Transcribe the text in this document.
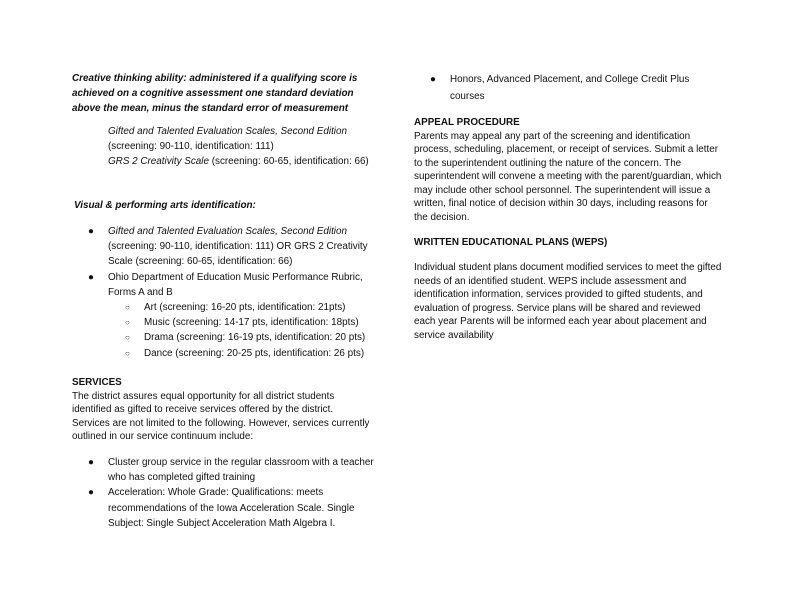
Creative thinking ability: administered if a qualifying score is achieved on a cognitive assessment one standard deviation above the mean, minus the standard error of measurement
Gifted and Talented Evaluation Scales, Second Edition
(screening: 90-110, identification: 111)
GRS 2 Creativity Scale (screening: 60-65, identification: 66)
Visual & performing arts identification:
● Gifted and Talented Evaluation Scales, Second Edition (screening: 90-110, identification: 111) OR GRS 2 Creativity Scale (screening: 60-65, identification: 66)
● Ohio Department of Education Music Performance Rubric, Forms A and B
○ Art (screening: 16-20 pts, identification: 21pts)
○ Music (screening: 14-17 pts, identification: 18pts)
○ Drama (screening: 16-19 pts, identification: 20 pts)
○ Dance (screening: 20-25 pts, identification: 26 pts)
SERVICES
The district assures equal opportunity for all district students identified as gifted to receive services offered by the district. Services are not limited to the following. However, services currently outlined in our service continuum include:
● Cluster group service in the regular classroom with a teacher who has completed gifted training
● Acceleration: Whole Grade: Qualifications: meets recommendations of the Iowa Acceleration Scale. Single Subject: Single Subject Acceleration Math Algebra I.
● Honors, Advanced Placement, and College Credit Plus courses
APPEAL PROCEDURE
Parents may appeal any part of the screening and identification process, scheduling, placement, or receipt of services. Submit a letter to the superintendent outlining the nature of the concern. The superintendent will convene a meeting with the parent/guardian, which may include other school personnel. The superintendent will issue a written, final notice of decision within 30 days, including reasons for the decision.
WRITTEN EDUCATIONAL PLANS (WEPS)
Individual student plans document modified services to meet the gifted needs of an identified student. WEPS include assessment and identification information, services provided to gifted students, and evaluation of progress. Service plans will be shared and reviewed each year Parents will be informed each year about placement and service availability
